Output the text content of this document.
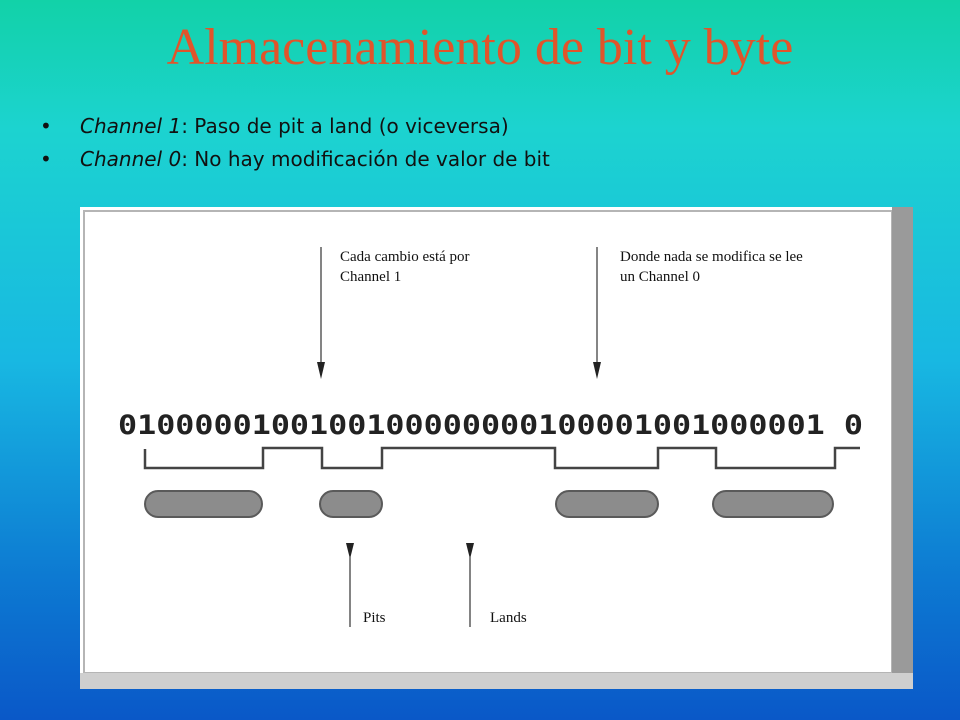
Almacenamiento de bit y byte
• Channel 1: Paso de pit a land (o viceversa)
• Channel 0: No hay modificación de valor de bit
0100000100100100000000100001001000001 0
Cada cambio está por
Channel 1
Donde nada se modifica se lee
un Channel 0
Pits	Lands
